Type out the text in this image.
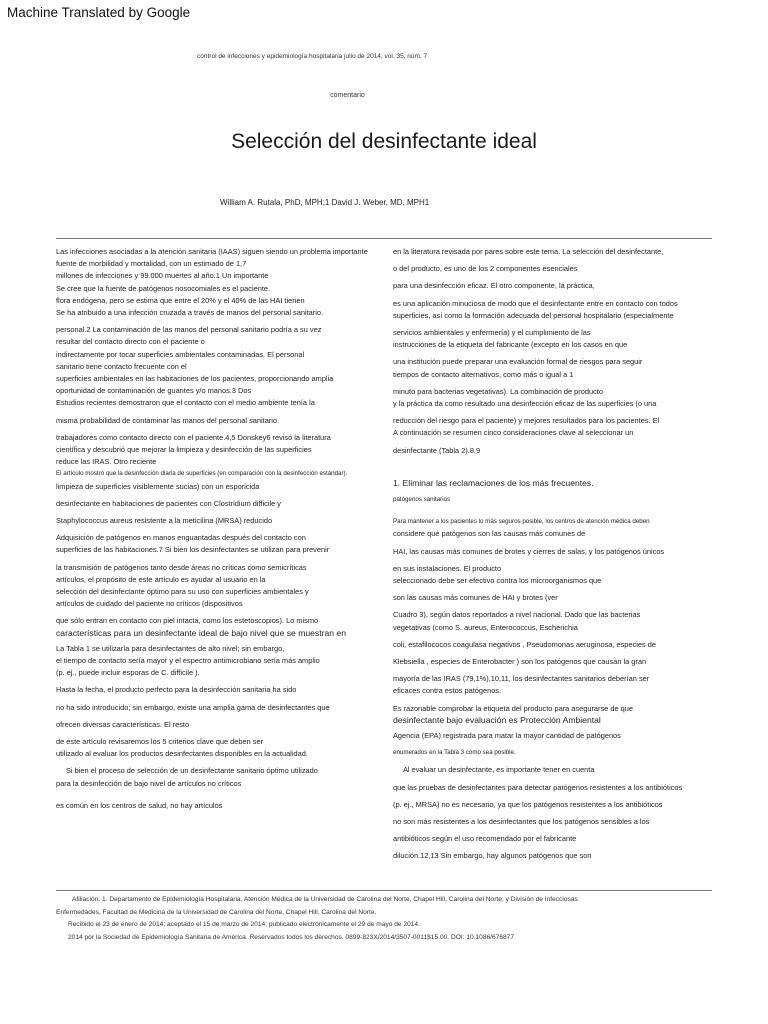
Machine Translated by Google
control de infecciones y epidemiología hospitalaria julio de 2014, vol. 35, núm. 7
comentario
Selección del desinfectante ideal
William A. Rutala, PhD, MPH;1 David J. Weber, MD, MPH1
Las infecciones asociadas a la atención sanitaria (IAAS) siguen siendo un problema importante
fuente de morbilidad y mortalidad, con un estimado de 1,7
millones de infecciones y 99.000 muertes al año.1 Un importante
Se cree que la fuente de patógenos nosocomiales es el paciente.
flora endógena, pero se estima que entre el 20% y el 40% de las HAI tienen
Se ha atribuido a una infección cruzada a través de manos del personal sanitario.
personal.2 La contaminación de las manos del personal sanitario podría a su vez
resultar del contacto directo con el paciente o
indirectamente por tocar superficies ambientales contaminadas. El personal
sanitario tiene contacto frecuente con el
superficies ambientales en las habitaciones de los pacientes, proporcionando amplia
oportunidad de contaminación de guantes y/o manos.3 Dos
Estudios recientes demostraron que el contacto con el medio ambiente tenía la
misma probabilidad de contaminar las manos del personal sanitario.
trabajadores como contacto directo con el paciente.4,5 Donskey6 revisó la literatura
científica y descubrió que mejorar la limpieza y desinfección de las superficies
reduce las IRAS. Otro reciente
El artículo mostró que la desinfección diaria de superficies (en comparación con la desinfección estándar).
limpieza de superficies visiblemente sucias) con un esporicida
desinfectante en habitaciones de pacientes con Clostridium difficile y
Staphylococcus aureus resistente a la meticilina (MRSA) reducido
Adquisición de patógenos en manos enguantadas después del contacto con
superficies de las habitaciones.7 Si bien los desinfectantes se utilizan para prevenir
la transmisión de patógenos tanto desde áreas no críticas como semicríticas
artículos, el propósito de este artículo es ayudar al usuario en la
selección del desinfectante óptimo para su uso con superficies ambientales y
artículos de cuidado del paciente no críticos (dispositivos
que sólo entran en contacto con piel intacta, como los estetoscopios). Lo mismo
características para un desinfectante ideal de bajo nivel que se muestran en
La Tabla 1 se utilizaría para desinfectantes de alto nivel; sin embargo,
el tiempo de contacto sería mayor y el espectro antimicrobiano sería más amplio
(p. ej., puede incluir esporas de C. difficile ).
Hasta la fecha, el producto perfecto para la desinfección sanitaria ha sido
no ha sido introducido; sin embargo, existe una amplia gama de desinfectantes que
ofrecen diversas características. El resto
de este artículo revisaremos los 5 criterios clave que deben ser
utilizado al evaluar los productos desinfectantes disponibles en la actualidad.
Si bien el proceso de selección de un desinfectante sanitario óptimo utilizado
para la desinfección de bajo nivel de artículos no críticos
es común en los centros de salud, no hay artículos
en la literatura revisada por pares sobre este tema. La selección del desinfectante,
o del producto, es uno de los 2 componentes esenciales
para una desinfección eficaz. El otro componente, la práctica,
es una aplicación minuciosa de modo que el desinfectante entre en contacto con todos
superficies, así como la formación adecuada del personal hospitalario (especialmente
servicios ambientales y enfermería) y el cumplimiento de las
instrucciones de la etiqueta del fabricante (excepto en los casos en que
una institución puede preparar una evaluación formal de riesgos para seguir
tiempos de contacto alternativos, como más o igual a 1
minuto para bacterias vegetativas). La combinación de producto
y la práctica da como resultado una desinfección eficaz de las superficies (o una
reducción del riesgo para el paciente) y mejores resultados para los pacientes. El
A continuación se resumen cinco consideraciones clave al seleccionar un
desinfectante (Tabla 2).8,9
1. Eliminar las reclamaciones de los más frecuentes.
patógenos sanitarios
Para mantener a los pacientes lo más seguros posible, los centros de atención médica deben
considere qué patógenos son las causas más comunes de
HAI, las causas más comunes de brotes y cierres de salas, y los patógenos únicos
en sus instalaciones. El producto
seleccionado debe ser efectivo contra los microorganismos que
son las causas más comunes de HAI y brotes (ver
Cuadro 3), según datos reportados a nivel nacional. Dado que las bacterias
vegetativas (como S. aureus, Enterococcus, Escherichia
coli, estafilococos coagulasa negativos , Pseudomonas aeruginosa, especies de
Klebsiella , especies de Enterobacter ) son los patógenos que causan la gran
mayoría de las IRAS (79,1%),10,11, los desinfectantes sanitarios deberían ser
eficaces contra estos patógenos.
Es razonable comprobar la etiqueta del producto para asegurarse de que
desinfectante bajo evaluación es Protección Ambiental
Agencia (EPA) registrada para matar la mayor cantidad de patógenos
enumerados en la Tabla 3 como sea posible.
Al evaluar un desinfectante, es importante tener en cuenta
que las pruebas de desinfectantes para detectar patógenos resistentes a los antibióticos
(p. ej., MRSA) no es necesario, ya que los patógenos resistentes a los antibióticos
no son más resistentes a los desinfectantes que los patógenos sensibles a los
antibióticos según el uso recomendado por el fabricante
dilución.12,13 Sin embargo, hay algunos patógenos que son
Afiliación: 1. Departamento de Epidemiología Hospitalaria, Atención Médica de la Universidad de Carolina del Norte, Chapel Hill, Carolina del Norte; y División de Infecciosas
Enfermedades, Facultad de Medicina de la Universidad de Carolina del Norte, Chapel Hill, Carolina del Norte.
Recibido el 23 de enero de 2014; aceptado el 15 de marzo de 2014; publicado electrónicamente el 29 de mayo de 2014.
2014 por la Sociedad de Epidemiología Sanitaria de América. Reservados todos los derechos. 0899-823X/2014/3507-0011$15.00. DOI: 10.1086/676877
